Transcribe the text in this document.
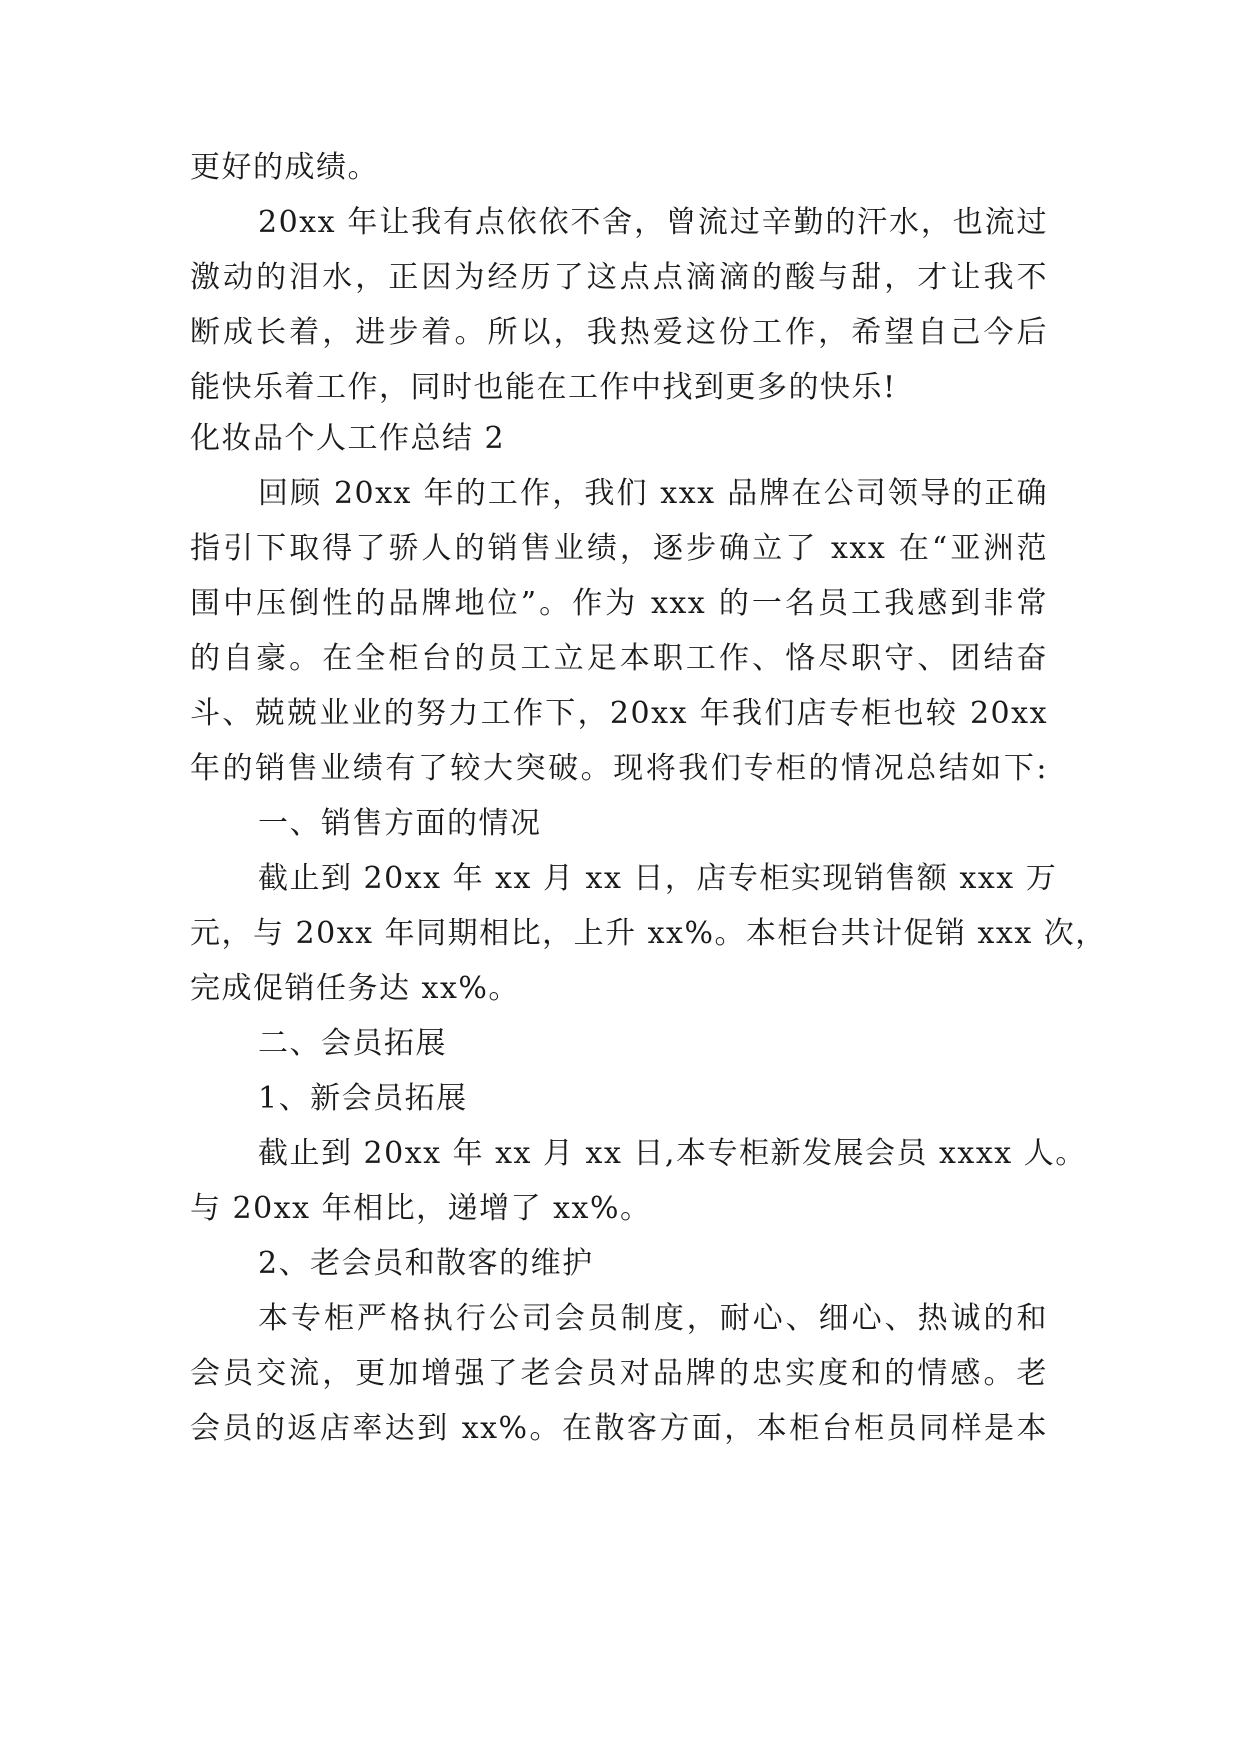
更好的成绩。
20xx 年让我有点依依不舍，曾流过辛勤的汗水，也流过
激动的泪水，正因为经历了这点点滴滴的酸与甜，才让我不
断成长着，进步着。所以，我热爱这份工作，希望自己今后
能快乐着工作，同时也能在工作中找到更多的快乐!
化妆品个人工作总结 2
回顾 20xx 年的工作，我们 xxx 品牌在公司领导的正确
指引下取得了骄人的销售业绩，逐步确立了 xxx 在“亚洲范
围中压倒性的品牌地位”。作为 xxx 的一名员工我感到非常
的自豪。在全柜台的员工立足本职工作、恪尽职守、团结奋
斗、兢兢业业的努力工作下，20xx 年我们店专柜也较 20xx
年的销售业绩有了较大突破。现将我们专柜的情况总结如下:
一、销售方面的情况
截止到 20xx 年 xx 月 xx 日，店专柜实现销售额 xxx 万
元，与 20xx 年同期相比，上升 xx%。本柜台共计促销 xxx 次，
完成促销任务达 xx%。
二、会员拓展
1、新会员拓展
截止到 20xx 年 xx 月 xx 日,本专柜新发展会员 xxxx 人。
与 20xx 年相比，递增了 xx%。
2、老会员和散客的维护
本专柜严格执行公司会员制度，耐心、细心、热诚的和
会员交流，更加增强了老会员对品牌的忠实度和的情感。老
会员的返店率达到 xx%。在散客方面，本柜台柜员同样是本
